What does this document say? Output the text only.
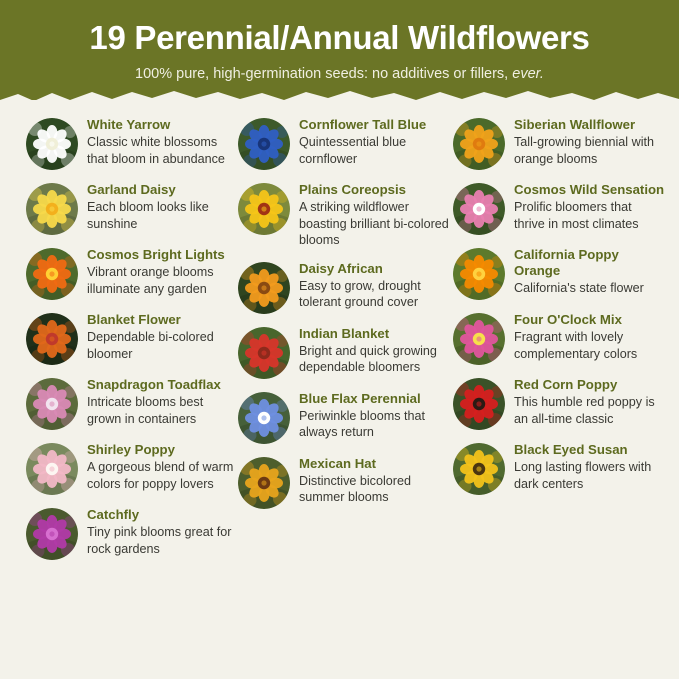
19 Perennial/Annual Wildflowers
100% pure, high-germination seeds: no additives or fillers, ever.

White Yarrow

Classic white blossoms that bloom in abundance

Garland Daisy

Each bloom looks like sunshine

Cosmos Bright Lights

Vibrant orange blooms illuminate any garden

Blanket Flower

Dependable bi-colored bloomer

Snapdragon Toadflax

Intricate blooms best grown in containers

Shirley Poppy

A gorgeous blend of warm colors for poppy lovers

Catchfly

Tiny pink blooms great for rock gardens

Cornflower Tall Blue

Quintessential blue cornflower

Plains Coreopsis

A striking wildflower boasting brilliant bi-colored blooms

Daisy African

Easy to grow, drought tolerant ground cover

Indian Blanket

Bright and quick growing dependable bloomers

Blue Flax Perennial

Periwinkle blooms that always return

Mexican Hat

Distinctive bicolored summer blooms

Siberian Wallflower

Tall-growing biennial with orange blooms

Cosmos Wild Sensation

Prolific bloomers that thrive in most climates

California Poppy Orange

California's state flower

Four O'Clock Mix

Fragrant with lovely complementary colors

Red Corn Poppy

This humble red poppy is an all-time classic

Black Eyed Susan

Long lasting flowers with dark centers
